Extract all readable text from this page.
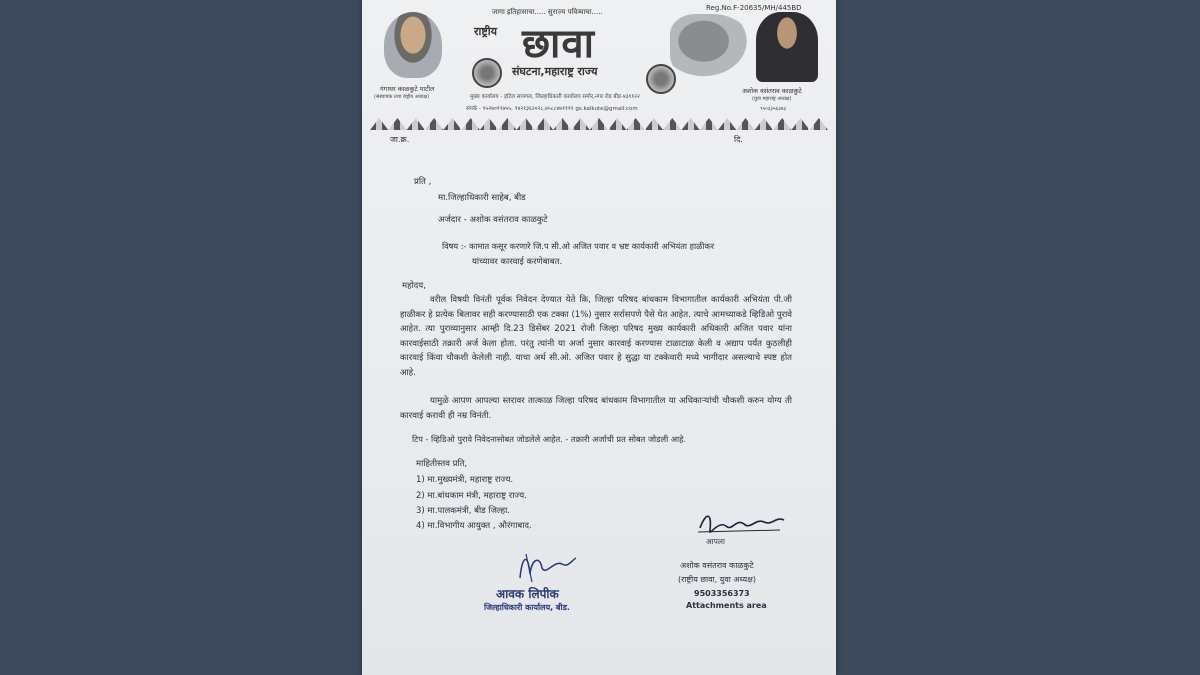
गंगाधर काळकुटे पाटील
(संस्थापक तथा राष्ट्रीय अध्यक्ष)
जागा इतिहासाचा..... सुराज्य पवित्र्याचा.....	Reg.No.F-20635/MH/445BD
राष्ट्रीय छावा
संघटना,महाराष्ट्र राज्य
अशोक वसंतराव काळकुटे
(युवा महाराष्ट्र अध्यक्ष)
९५०३३५६३७३
मुख्य कार्यालय - हॉटेल सायगल, जिल्हाधिकारी कार्यालय समोर,नगर रोड बीड-४३११२२
संपर्क - ९५२७०१९७५५, ९४२१३६२०२८,७५८८४७११११ gs.kalkute@gmail.com
जा.क्र.	दि.
प्रति ,
मा.जिल्हाधिकारी साहेब, बीड
अर्जदार - अशोक वसंतराव काळकुटे
विषय :- कामात कसूर करणारे जि.प सी.ओ अजित पवार व भ्रष्ट कार्यकारी अभियंता हाळीकर
यांच्यावर कारवाई करणेबाबत.
महोदय,
वरील विषयी विनंती पूर्वक निवेदन देण्यात येते कि, जिल्हा परिषद बांधकाम विभागातील कार्यकारी अभियंता पी.जी हाळीकर हे प्रत्येक बिलावर सही करण्यासाठी एक टक्का (1%) नुसार सर्रासपणे पैसे घेत आहेत. त्याचे आमच्याकडे व्हिडिओ पुरावे आहेत. त्या पुराव्यानुसार आम्ही दि.23 डिसेंबर 2021 रोजी जिल्हा परिषद मुख्य कार्यकारी अधिकारी अजित पवार यांना कारवाईसाठी तक्रारी अर्ज केला होता. परंतु त्यांनी या अर्जा नुसार कारवाई करण्यास टाळाटाळ केली व अद्याप पर्यंत कुठलीही कारवाई किंवा चौकशी केलेली नाही. याचा अर्थ सी.ओ. अजित पवार हे सुद्धा या टक्केवारी मध्ये भागीदार असल्याचे स्पष्ट होत आहे.
यामुळे आपण आपल्या स्तरावर तात्काळ जिल्हा परिषद बांधकाम विभागातील या अधिकाऱ्यांची चौकशी करुन योग्य ती कारवाई करावी ही नम्र विनंती.
टिप - व्हिडिओ पुरावे निवेदनासोबत जोडलेले आहेत. - तक्रारी अर्जाची प्रत सोबत जोडली आहे.
माहितीस्तव प्रति,
1) मा.मुख्यमंत्री, महाराष्ट्र राज्य.
2) मा.बांधकाम मंत्री, महाराष्ट्र राज्य.
3) मा.पालकमंत्री, बीड जिल्हा.
4) मा.विभागीय आयुक्त , औरंगाबाद.
आपला
अशोक वसंतराव काळकुटे
(राष्ट्रीय छावा, युवा अध्यक्ष)
9503356373
Attachments area
आवक लिपीक
जिल्हाधिकारी कार्यालय, बीड.
